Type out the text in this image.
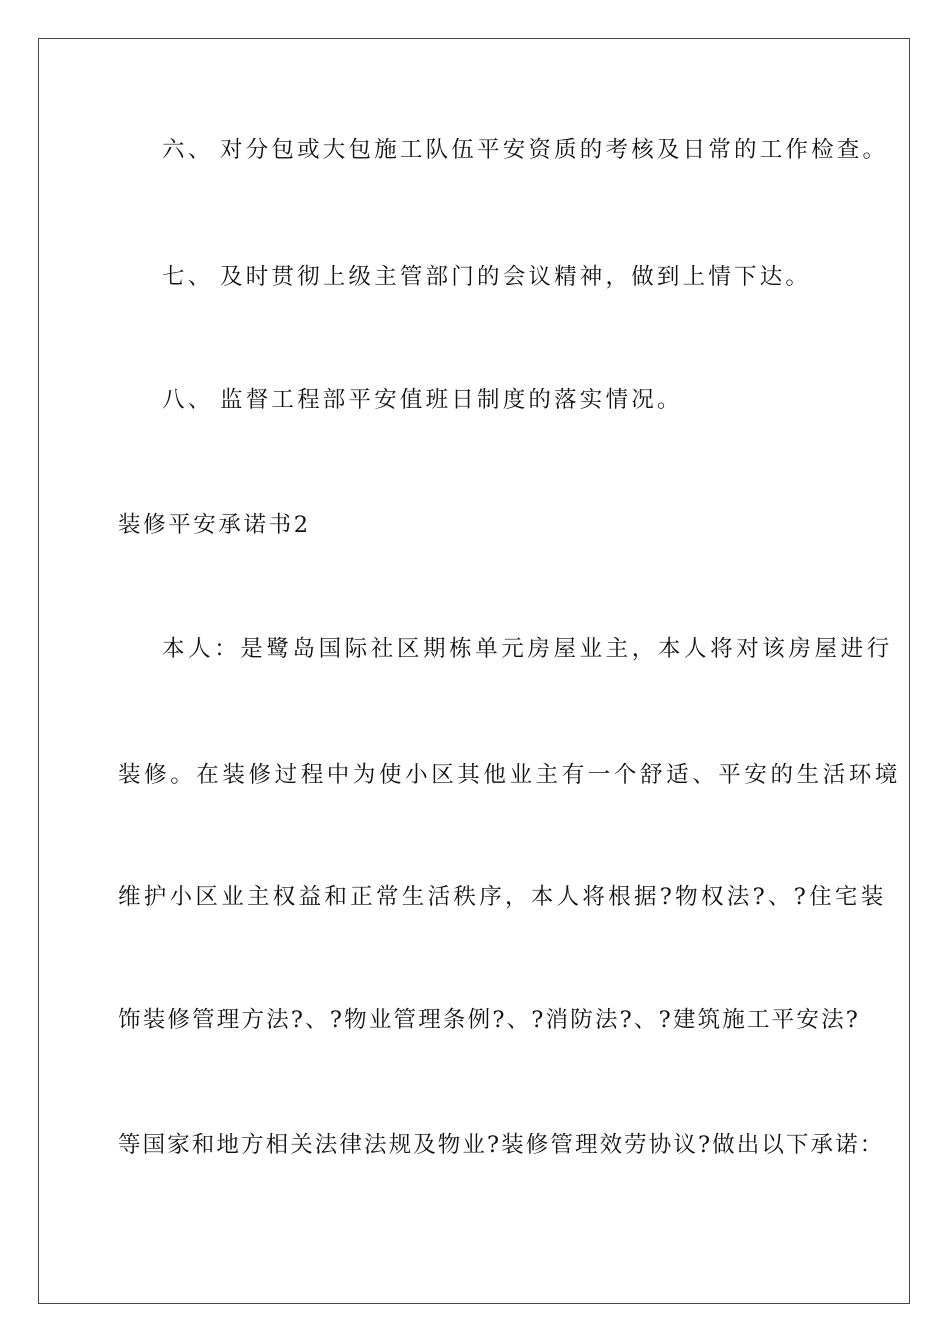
六、 对分包或大包施工队伍平安资质的考核及日常的工作检查。
七、 及时贯彻上级主管部门的会议精神，做到上情下达。
八、 监督工程部平安值班日制度的落实情况。
装修平安承诺书2
本人：是鹭岛国际社区期栋单元房屋业主，本人将对该房屋进行
装修。在装修过程中为使小区其他业主有一个舒适、平安的生活环境
维护小区业主权益和正常生活秩序，本人将根据?物权法?、?住宅装
饰装修管理方法?、?物业管理条例?、?消防法?、?建筑施工平安法?
等国家和地方相关法律法规及物业?装修管理效劳协议?做出以下承诺：
